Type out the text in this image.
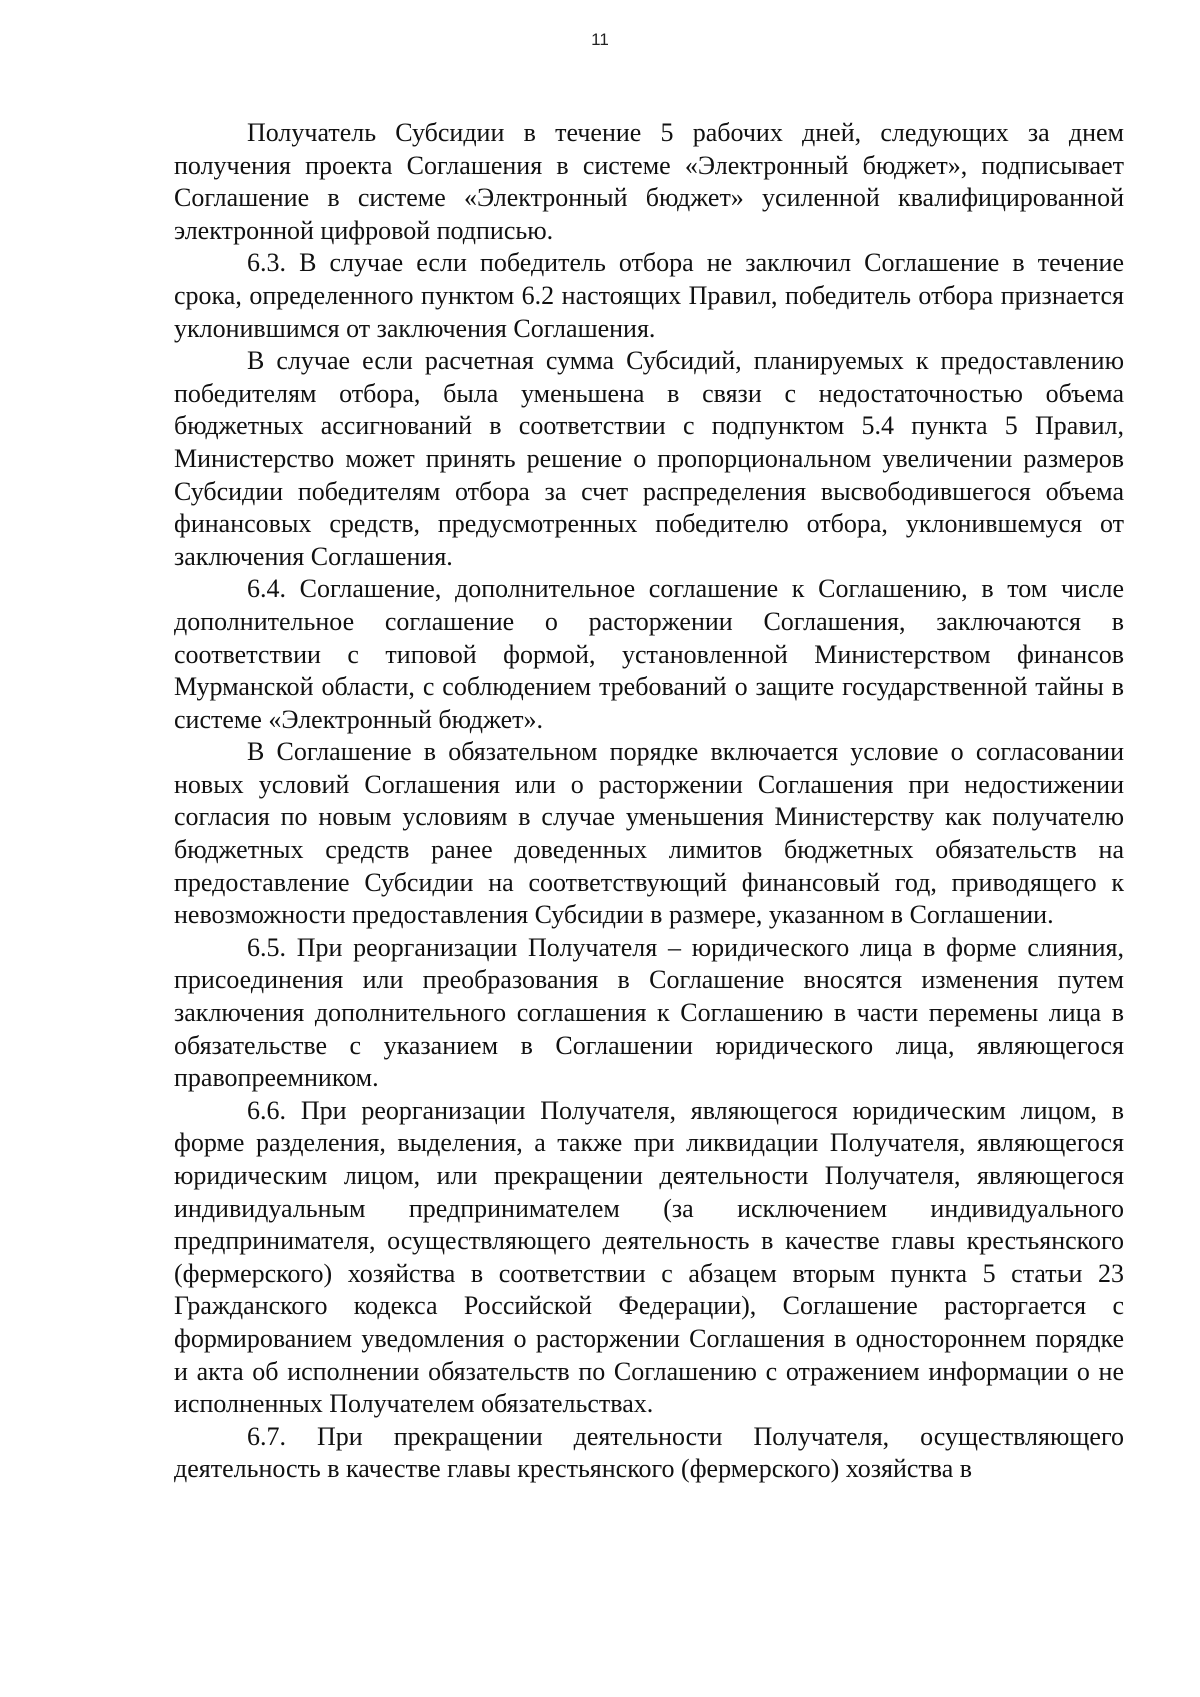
11

Получатель Субсидии в течение 5 рабочих дней, следующих за днем получения проекта Соглашения в системе «Электронный бюджет», подписывает Соглашение в системе «Электронный бюджет» усиленной квалифицированной электронной цифровой подписью.

6.3. В случае если победитель отбора не заключил Соглашение в течение срока, определенного пунктом 6.2 настоящих Правил, победитель отбора признается уклонившимся от заключения Соглашения.

В случае если расчетная сумма Субсидий, планируемых к предоставлению победителям отбора, была уменьшена в связи с недостаточностью объема бюджетных ассигнований в соответствии с подпунктом 5.4 пункта 5 Правил, Министерство может принять решение о пропорциональном увеличении размеров Субсидии победителям отбора за счет распределения высвободившегося объема финансовых средств, предусмотренных победителю отбора, уклонившемуся от заключения Соглашения.

6.4. Соглашение, дополнительное соглашение к Соглашению, в том числе дополнительное соглашение о расторжении Соглашения, заключаются в соответствии с типовой формой, установленной Министерством финансов Мурманской области, с соблюдением требований о защите государственной тайны в системе «Электронный бюджет».

В Соглашение в обязательном порядке включается условие о согласовании новых условий Соглашения или о расторжении Соглашения при недостижении согласия по новым условиям в случае уменьшения Министерству как получателю бюджетных средств ранее доведенных лимитов бюджетных обязательств на предоставление Субсидии на соответствующий финансовый год, приводящего к невозможности предоставления Субсидии в размере, указанном в Соглашении.

6.5. При реорганизации Получателя – юридического лица в форме слияния, присоединения или преобразования в Соглашение вносятся изменения путем заключения дополнительного соглашения к Соглашению в части перемены лица в обязательстве с указанием в Соглашении юридического лица, являющегося правопреемником.

6.6. При реорганизации Получателя, являющегося юридическим лицом, в форме разделения, выделения, а также при ликвидации Получателя, являющегося юридическим лицом, или прекращении деятельности Получателя, являющегося индивидуальным предпринимателем (за исключением индивидуального предпринимателя, осуществляющего деятельность в качестве главы крестьянского (фермерского) хозяйства в соответствии с абзацем вторым пункта 5 статьи 23 Гражданского кодекса Российской Федерации), Соглашение расторгается с формированием уведомления о расторжении Соглашения в одностороннем порядке и акта об исполнении обязательств по Соглашению с отражением информации о не исполненных Получателем обязательствах.

6.7. При прекращении деятельности Получателя, осуществляющего деятельность в качестве главы крестьянского (фермерского) хозяйства в
